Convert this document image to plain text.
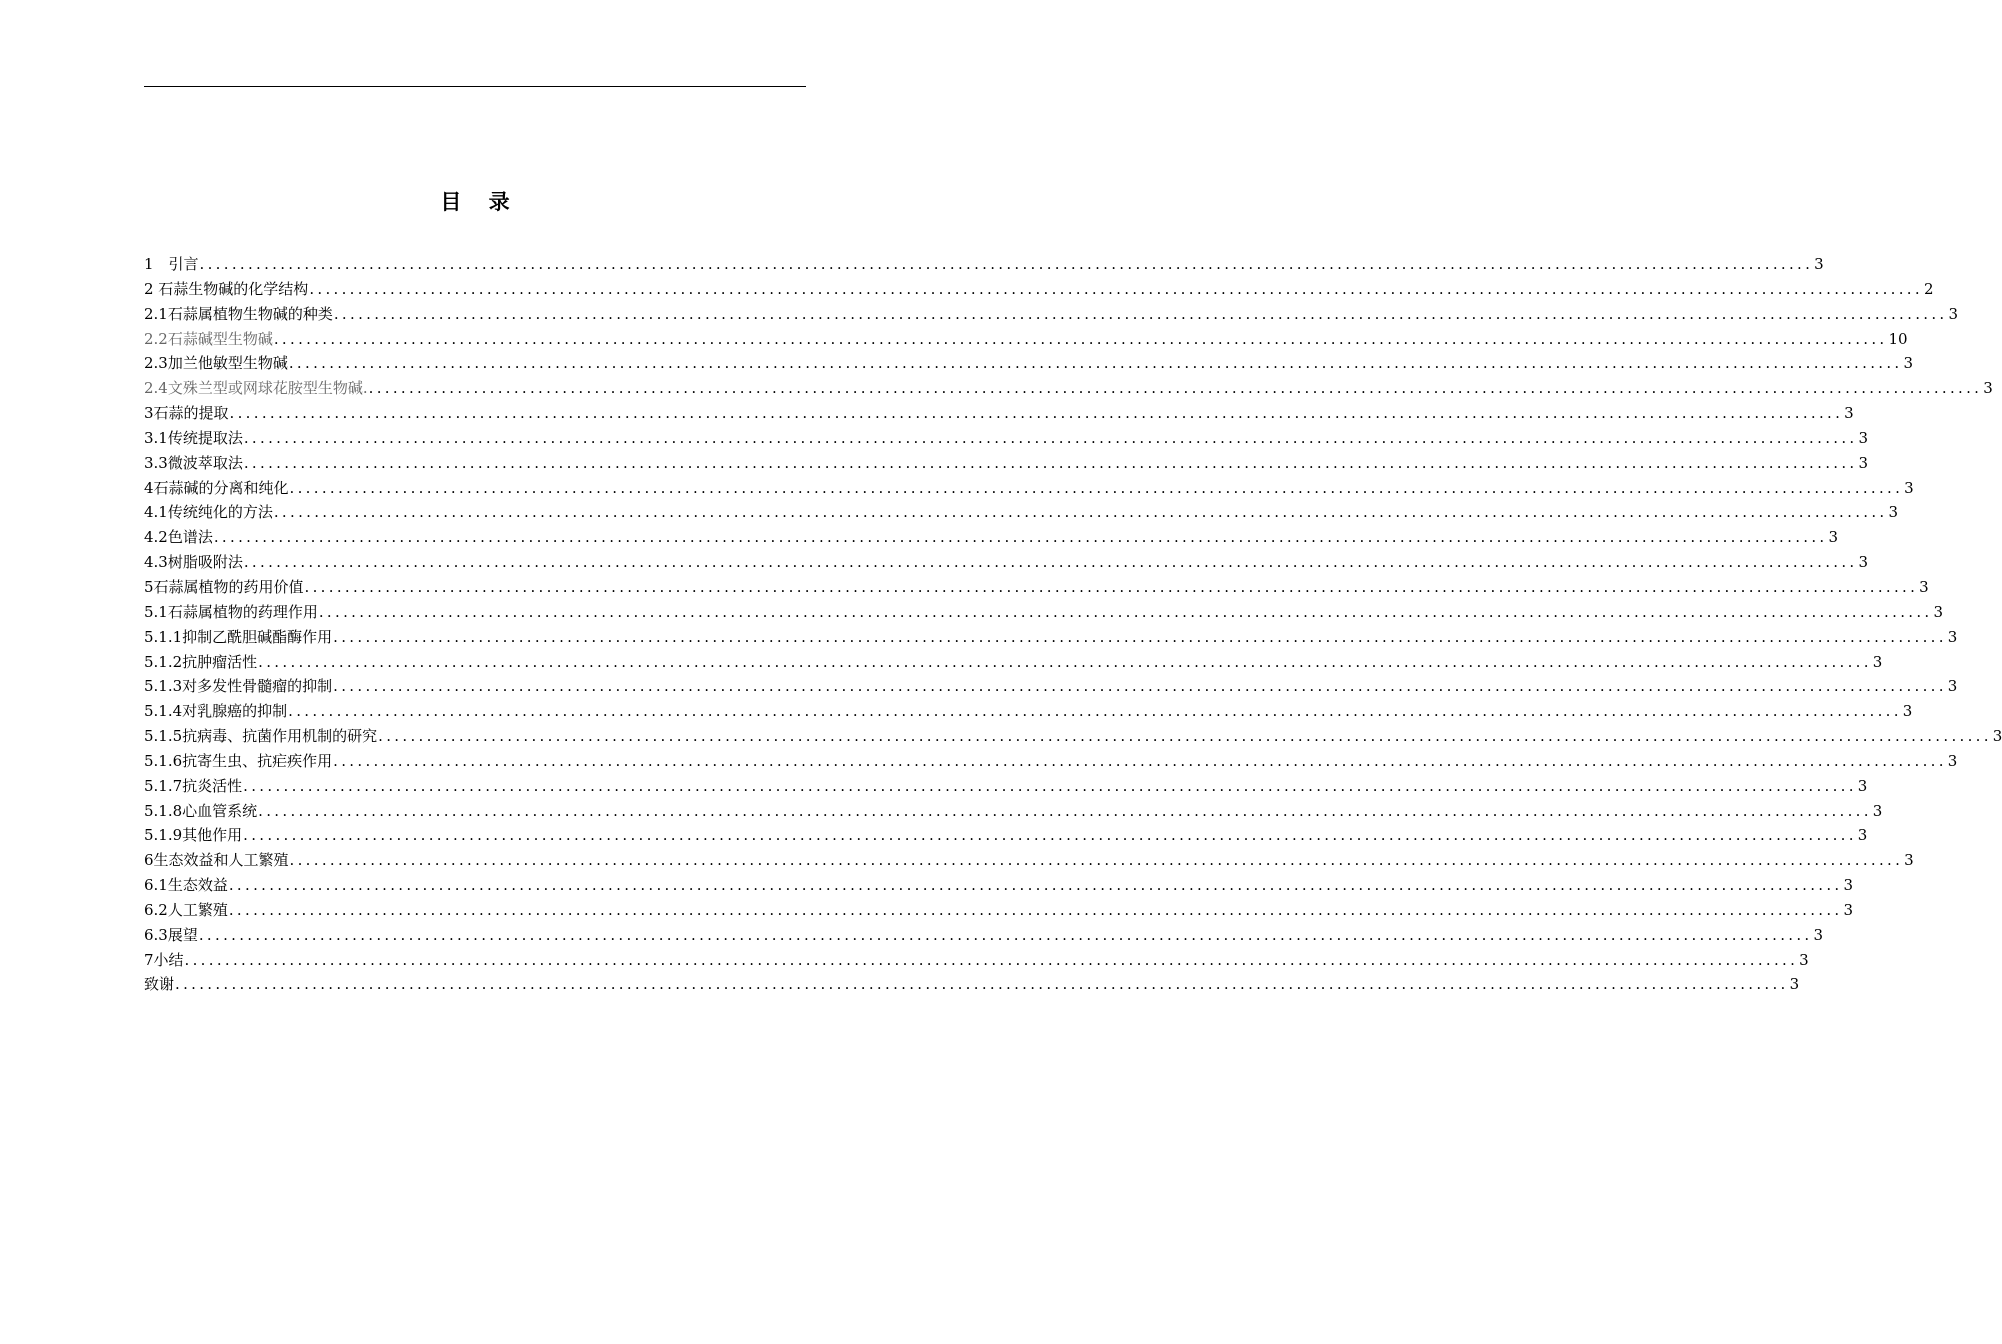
目 录
1　引言 ........................................................................................................................................................................................................ 3
2 石蒜生物碱的化学结构 ........................................................................................................................................................................................................ 2
2.1石蒜属植物生物碱的种类 ........................................................................................................................................................................................................ 3
2.2石蒜碱型生物碱 ........................................................................................................................................................................................................ 10
2.3加兰他敏型生物碱 ........................................................................................................................................................................................................ 3
2.4文殊兰型或网球花胺型生物碱. ........................................................................................................................................................................................................ 3
3石蒜的提取 ........................................................................................................................................................................................................ 3
3.1传统提取法 ........................................................................................................................................................................................................ 3
3.3微波萃取法 ........................................................................................................................................................................................................ 3
4石蒜碱的分离和纯化 ........................................................................................................................................................................................................ 3
4.1传统纯化的方法 ........................................................................................................................................................................................................ 3
4.2色谱法 ........................................................................................................................................................................................................ 3
4.3树脂吸附法 ........................................................................................................................................................................................................ 3
5石蒜属植物的药用价值 ........................................................................................................................................................................................................ 3
5.1石蒜属植物的药理作用 ........................................................................................................................................................................................................ 3
5.1.1抑制乙酰胆碱酯酶作用 ........................................................................................................................................................................................................ 3
5.1.2抗肿瘤活性 ........................................................................................................................................................................................................ 3
5.1.3对多发性骨髓瘤的抑制 ........................................................................................................................................................................................................ 3
5.1.4对乳腺癌的抑制 ........................................................................................................................................................................................................ 3
5.1.5抗病毒、抗菌作用机制的研究 ........................................................................................................................................................................................................ 3
5.1.6抗寄生虫、抗疟疾作用 ........................................................................................................................................................................................................ 3
5.1.7抗炎活性 ........................................................................................................................................................................................................ 3
5.1.8心血管系统 ........................................................................................................................................................................................................ 3
5.1.9其他作用 ........................................................................................................................................................................................................ 3
6生态效益和人工繁殖 ........................................................................................................................................................................................................ 3
6.1生态效益 ........................................................................................................................................................................................................ 3
6.2人工繁殖 ........................................................................................................................................................................................................ 3
6.3展望 ........................................................................................................................................................................................................ 3
7小结 ........................................................................................................................................................................................................ 3
致谢 ........................................................................................................................................................................................................ 3
